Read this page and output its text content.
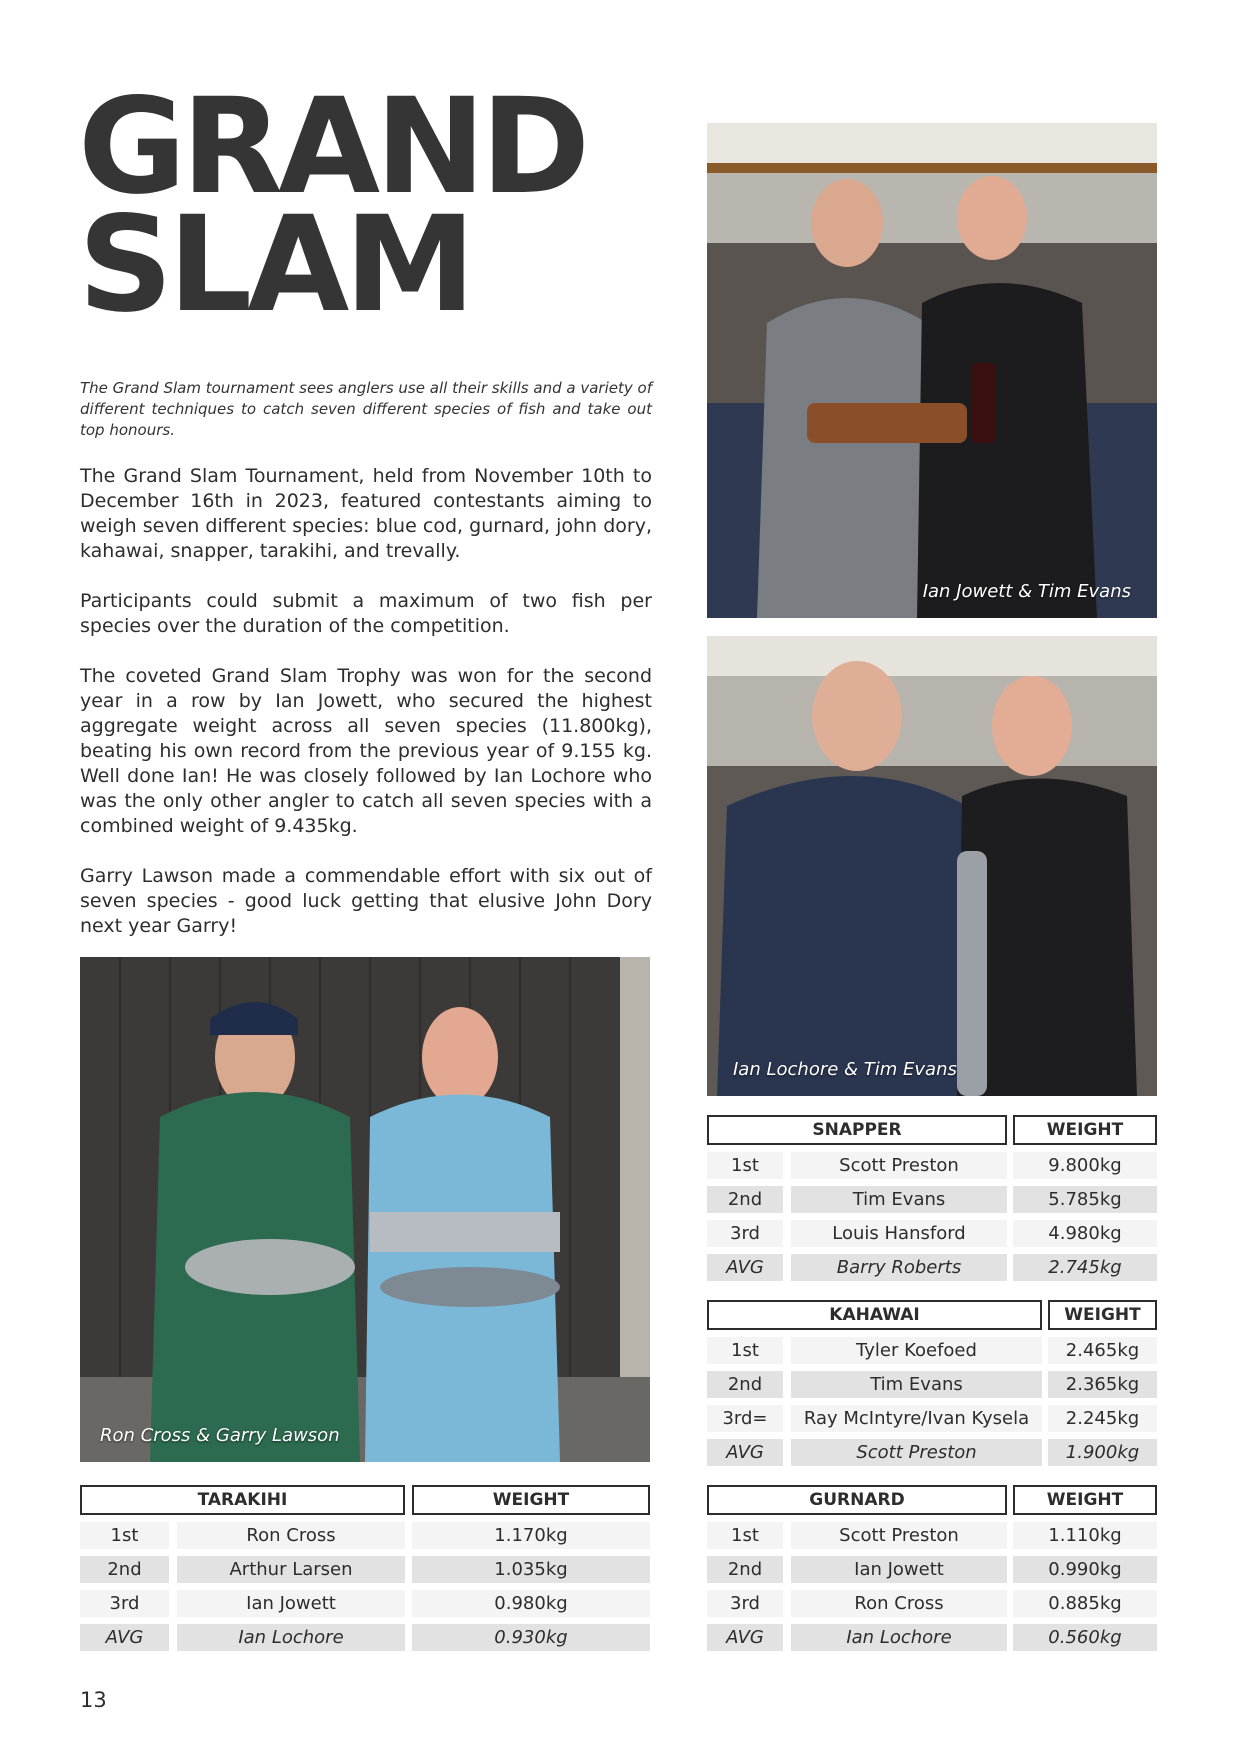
GRAND
SLAM

The Grand Slam tournament sees anglers use all their skills and a variety of different techniques to catch seven different species of fish and take out top honours.

The Grand Slam Tournament, held from November 10th to December 16th in 2023, featured contestants aiming to weigh seven different species: blue cod, gurnard, john dory, kahawai, snapper, tarakihi, and trevally.

Participants could submit a maximum of two fish per species over the duration of the competition.

The coveted Grand Slam Trophy was won for the second year in a row by Ian Jowett, who secured the highest aggregate weight across all seven species (11.800kg), beating his own record from the previous year of 9.155 kg. Well done Ian! He was closely followed by Ian Lochore who was the only other angler to catch all seven species with a combined weight of 9.435kg.

Garry Lawson made a commendable effort with six out of seven species - good luck getting that elusive John Dory next year Garry!

Ian Jowett & Tim Evans
Ian Lochore & Tim Evans
Ron Cross & Garry Lawson
SNAPPER	WEIGHT
1st	Scott Preston	9.800kg
2nd	Tim Evans	5.785kg
3rd	Louis Hansford	4.980kg
AVG	Barry Roberts	2.745kg
KAHAWAI	WEIGHT
1st	Tyler Koefoed	2.465kg
2nd	Tim Evans	2.365kg
3rd=	Ray McIntyre/Ivan Kysela	2.245kg
AVG	Scott Preston	1.900kg
GURNARD	WEIGHT
1st	Scott Preston	1.110kg
2nd	Ian Jowett	0.990kg
3rd	Ron Cross	0.885kg
AVG	Ian Lochore	0.560kg
TARAKIHI	WEIGHT
1st	Ron Cross	1.170kg
2nd	Arthur Larsen	1.035kg
3rd	Ian Jowett	0.980kg
AVG	Ian Lochore	0.930kg
13
